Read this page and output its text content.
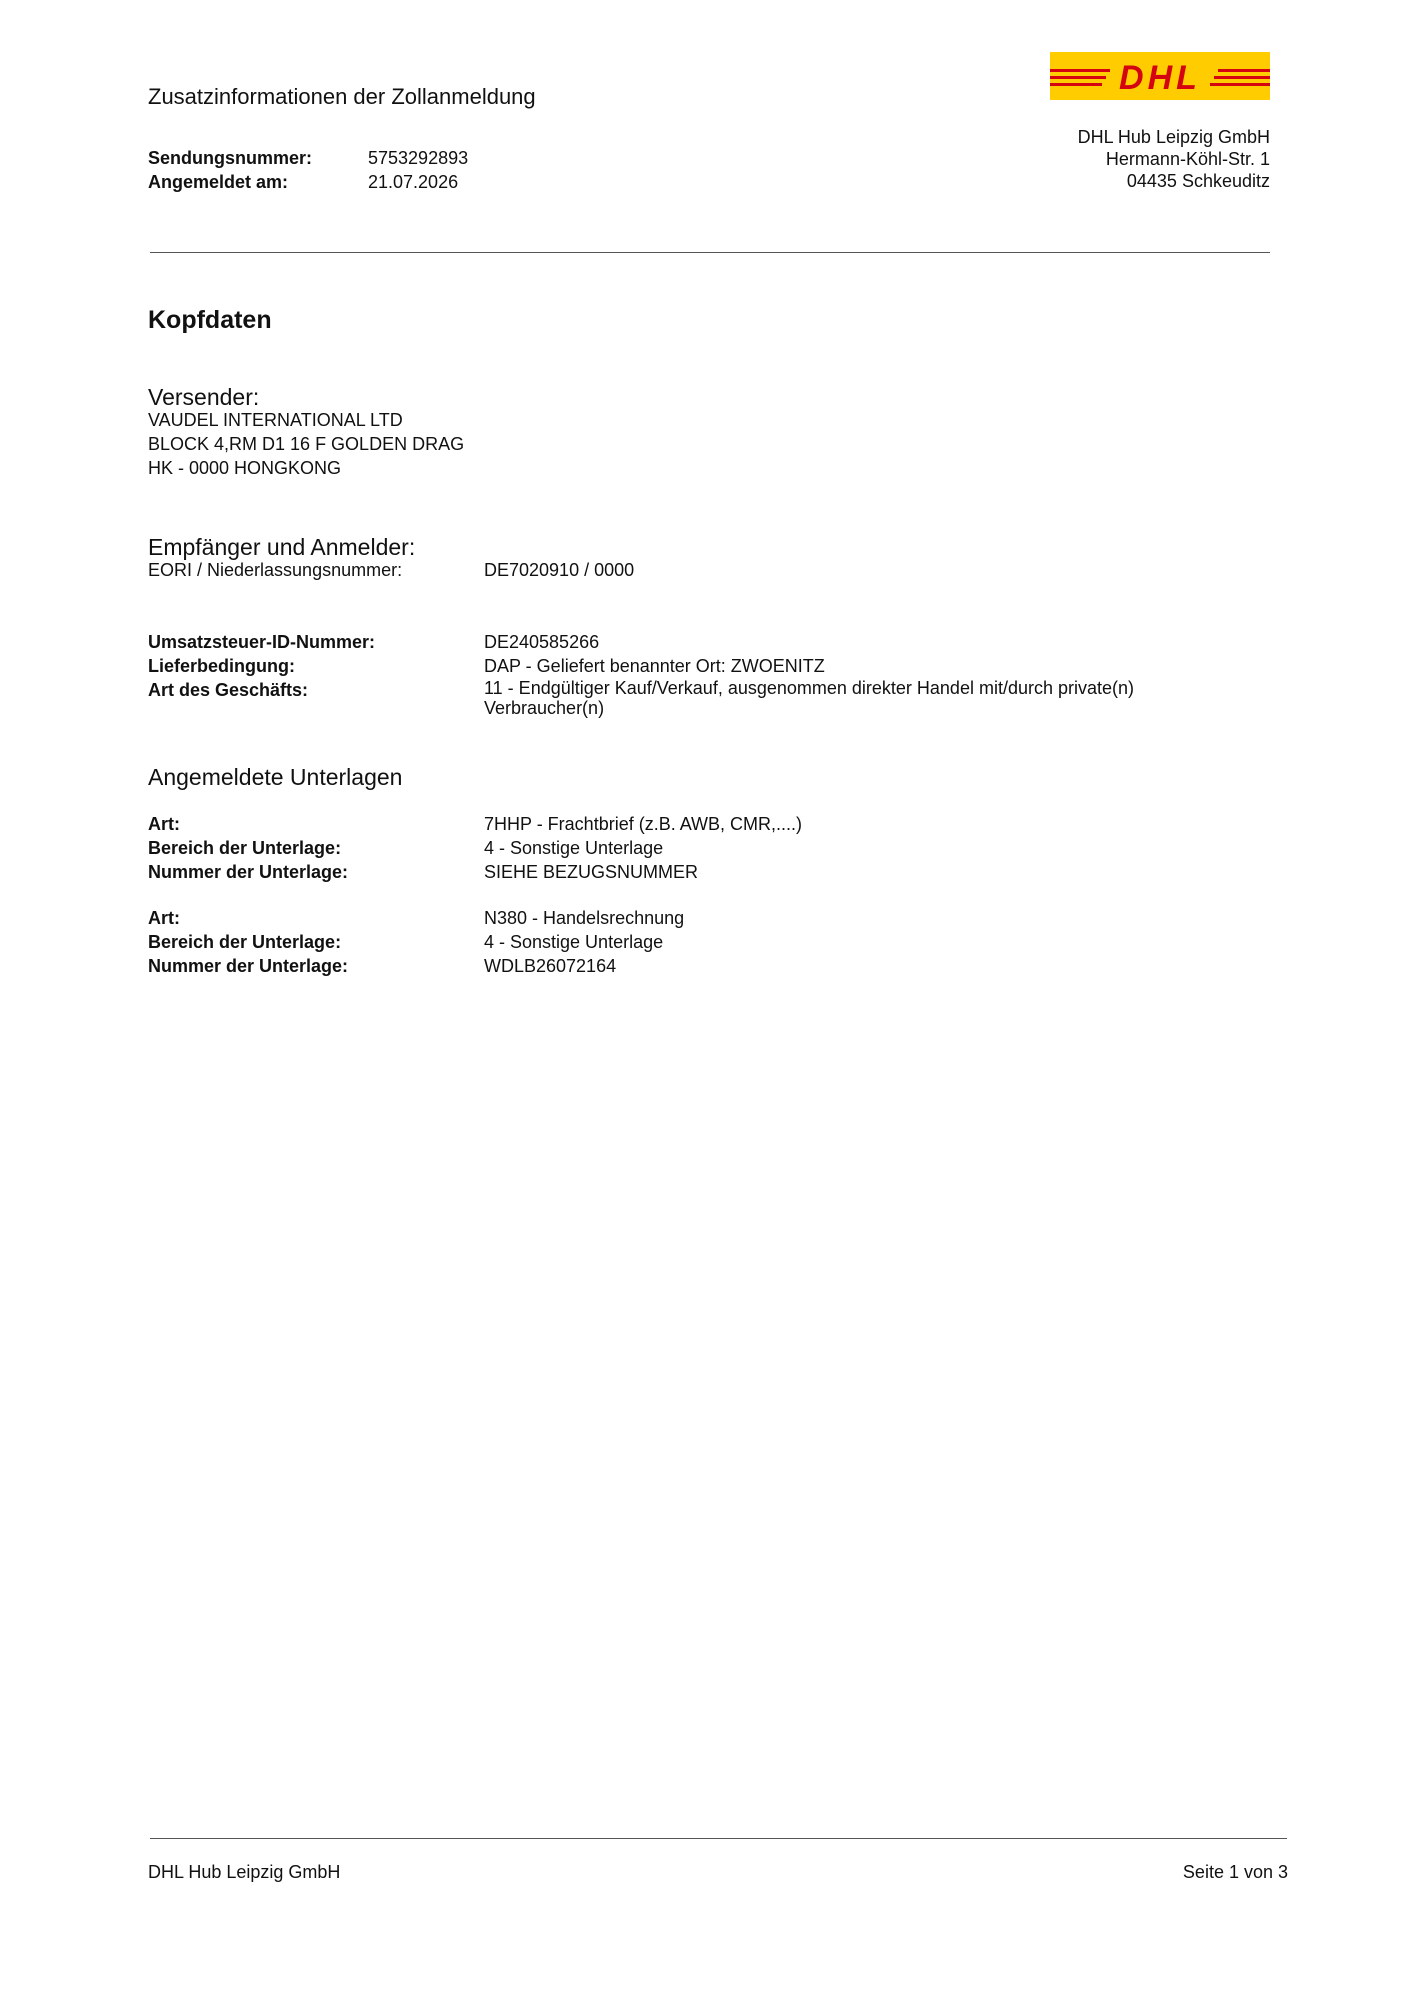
Zusatzinformationen der Zollanmeldung	DHL
DHL Hub Leipzig GmbH
Hermann-Köhl-Str. 1
04435 Schkeuditz
Sendungsnummer:	5753292893
Angemeldet am:	21.07.2026
Kopfdaten
Versender:
VAUDEL INTERNATIONAL LTD
BLOCK 4,RM D1 16 F GOLDEN DRAG
HK - 0000 HONGKONG
Empfänger und Anmelder:
EORI / Niederlassungsnummer:	DE7020910 / 0000
Umsatzsteuer-ID-Nummer:	DE240585266
Lieferbedingung:	DAP - Geliefert benannter Ort: ZWOENITZ
Art des Geschäfts:	11 - Endgültiger Kauf/Verkauf, ausgenommen direkter Handel mit/durch private(n)
Verbraucher(n)
Angemeldete Unterlagen
Art:	7HHP - Frachtbrief (z.B. AWB, CMR,....)
Bereich der Unterlage:	4 - Sonstige Unterlage
Nummer der Unterlage:	SIEHE BEZUGSNUMMER
Art:	N380 - Handelsrechnung
Bereich der Unterlage:	4 - Sonstige Unterlage
Nummer der Unterlage:	WDLB26072164
DHL Hub Leipzig GmbH	Seite 1 von 3
